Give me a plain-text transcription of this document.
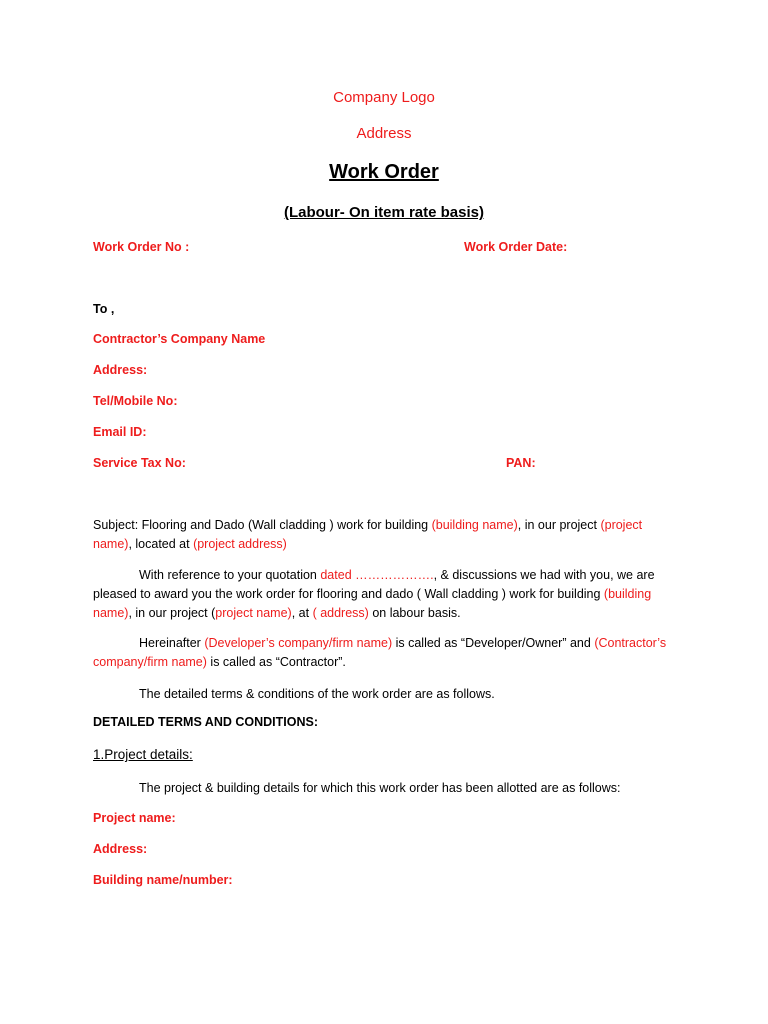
Company Logo
Address
Work Order
(Labour- On item rate basis)
Work Order No :	Work Order Date:
To ,
Contractor’s Company Name
Address:
Tel/Mobile No:
Email ID:
Service Tax No:	PAN:
Subject: Flooring and Dado (Wall cladding ) work for building (building name), in our project (project name), located at (project address)
With reference to your quotation dated ………………., & discussions we had with you, we are pleased to award you the work order for flooring and dado ( Wall cladding ) work for building (building name), in our project (project name), at ( address) on labour basis.
Hereinafter (Developer’s company/firm name) is called as “Developer/Owner” and (Contractor’s company/firm name) is called as “Contractor”.
The detailed terms & conditions of the work order are as follows.
DETAILED TERMS AND CONDITIONS:
1.Project details:
The project & building details for which this work order has been allotted are as follows:
Project name:
Address:
Building name/number:
